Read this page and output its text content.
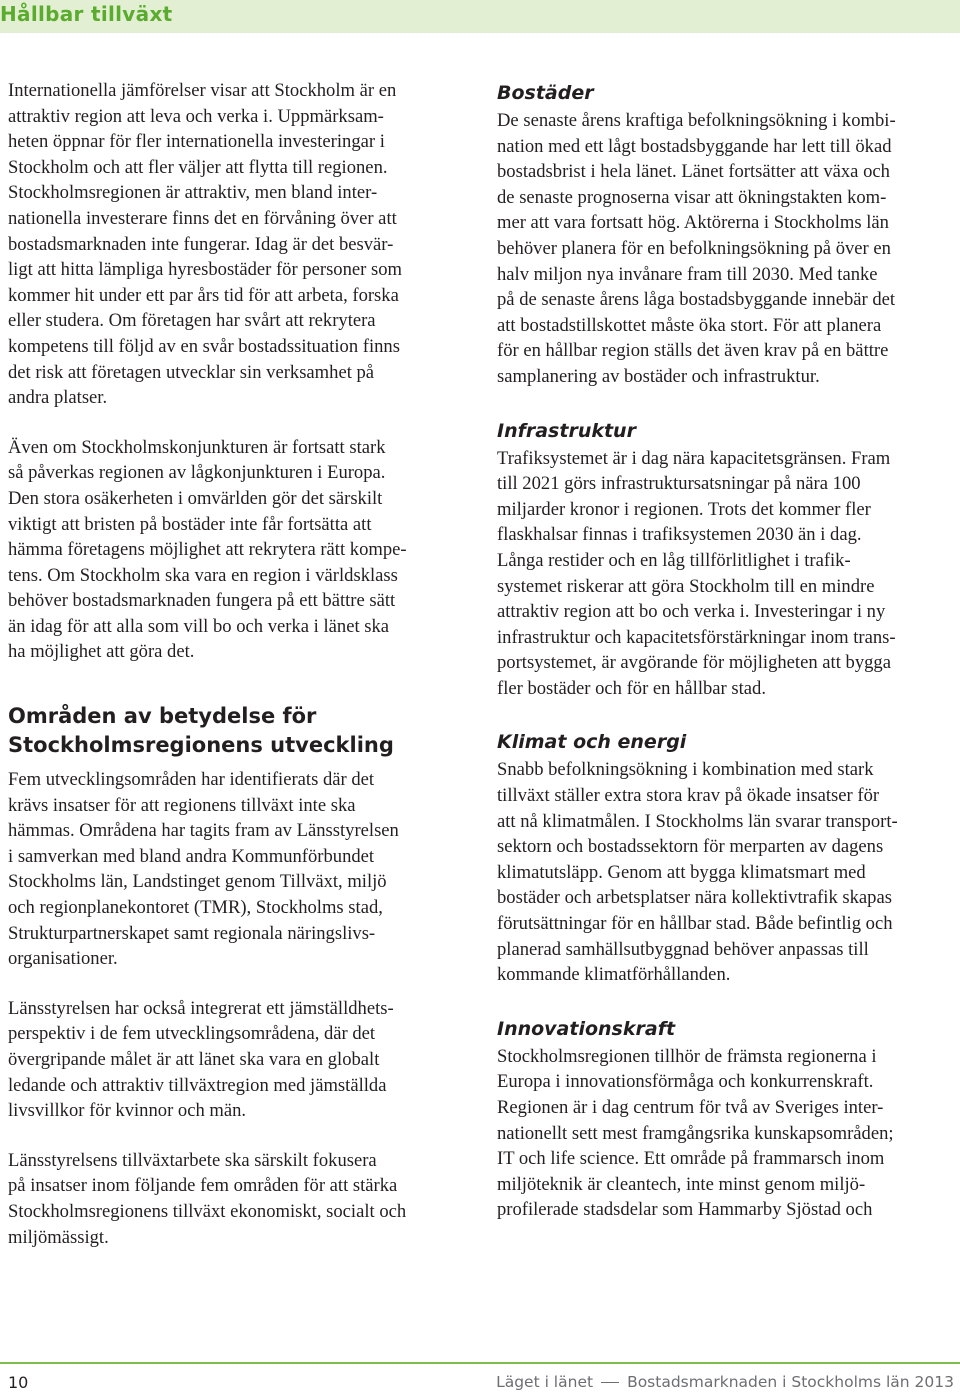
Hållbar tillväxt

Internationella jämförelser visar att Stockholm är en

attraktiv region att leva och verka i. Uppmärksam-

heten öppnar för fler internationella investeringar i

Stockholm och att fler väljer att flytta till regionen.

Stockholmsregionen är attraktiv, men bland inter-

nationella investerare finns det en förvåning över att

bostadsmarknaden inte fungerar. Idag är det besvär-

ligt att hitta lämpliga hyresbostäder för personer som

kommer hit under ett par års tid för att arbeta, forska

eller studera. Om företagen har svårt att rekrytera

kompetens till följd av en svår bostadssituation finns

det risk att företagen utvecklar sin verksamhet på

andra platser.

Även om Stockholmskonjunkturen är fortsatt stark

så påverkas regionen av lågkonjunkturen i Europa.

Den stora osäkerheten i omvärlden gör det särskilt

viktigt att bristen på bostäder inte får fortsätta att

hämma företagens möjlighet att rekrytera rätt kompe-

tens. Om Stockholm ska vara en region i världsklass

behöver bostadsmarknaden fungera på ett bättre sätt

än idag för att alla som vill bo och verka i länet ska

ha möjlighet att göra det.

Områden av betydelse för
Stockholmsregionens utveckling

Fem utvecklingsområden har identifierats där det

krävs insatser för att regionens tillväxt inte ska

hämmas. Områdena har tagits fram av Länsstyrelsen

i samverkan med bland andra Kommunförbundet

Stockholms län, Landstinget genom Tillväxt, miljö

och regionplanekontoret (TMR), Stockholms stad,

Strukturpartnerskapet samt regionala näringslivs-

organisationer.

Länsstyrelsen har också integrerat ett jämställdhets-

perspektiv i de fem utvecklingsområdena, där det

övergripande målet är att länet ska vara en globalt

ledande och attraktiv tillväxtregion med jämställda

livsvillkor för kvinnor och män.

Länsstyrelsens tillväxtarbete ska särskilt fokusera

på insatser inom följande fem områden för att stärka

Stockholmsregionens tillväxt ekonomiskt, socialt och

miljömässigt.

Bostäder

De senaste årens kraftiga befolkningsökning i kombi-

nation med ett lågt bostadsbyggande har lett till ökad

bostadsbrist i hela länet. Länet fortsätter att växa och

de senaste prognoserna visar att ökningstakten kom-

mer att vara fortsatt hög. Aktörerna i Stockholms län

behöver planera för en befolkningsökning på över en

halv miljon nya invånare fram till 2030. Med tanke

på de senaste årens låga bostadsbyggande innebär det

att bostadstillskottet måste öka stort. För att planera

för en hållbar region ställs det även krav på en bättre

samplanering av bostäder och infrastruktur.

Infrastruktur

Trafiksystemet är i dag nära kapacitetsgränsen. Fram

till 2021 görs infrastruktursatsningar på nära 100

miljarder kronor i regionen. Trots det kommer fler

flaskhalsar finnas i trafiksystemen 2030 än i dag.

Långa restider och en låg tillförlitlighet i trafik-

systemet riskerar att göra Stockholm till en mindre

attraktiv region att bo och verka i. Investeringar i ny

infrastruktur och kapacitetsförstärkningar inom trans-

portsystemet, är avgörande för möjligheten att bygga

fler bostäder och för en hållbar stad.

Klimat och energi

Snabb befolkningsökning i kombination med stark

tillväxt ställer extra stora krav på ökade insatser för

att nå klimatmålen. I Stockholms län svarar transport-

sektorn och bostadssektorn för merparten av dagens

klimatutsläpp. Genom att bygga klimatsmart med

bostäder och arbetsplatser nära kollektivtrafik skapas

förutsättningar för en hållbar stad. Både befintlig och

planerad samhällsutbyggnad behöver anpassas till

kommande klimatförhållanden.

Innovationskraft

Stockholmsregionen tillhör de främsta regionerna i

Europa i innovationsförmåga och konkurrenskraft.

Regionen är i dag centrum för två av Sveriges inter-

nationellt sett mest framgångsrika kunskapsområden;

IT och life science. Ett område på frammarsch inom

miljöteknik är cleantech, inte minst genom miljö-

profilerade stadsdelar som Hammarby Sjöstad och

10	Läget i länet Bostadsmarknaden i Stockholms län 2013
